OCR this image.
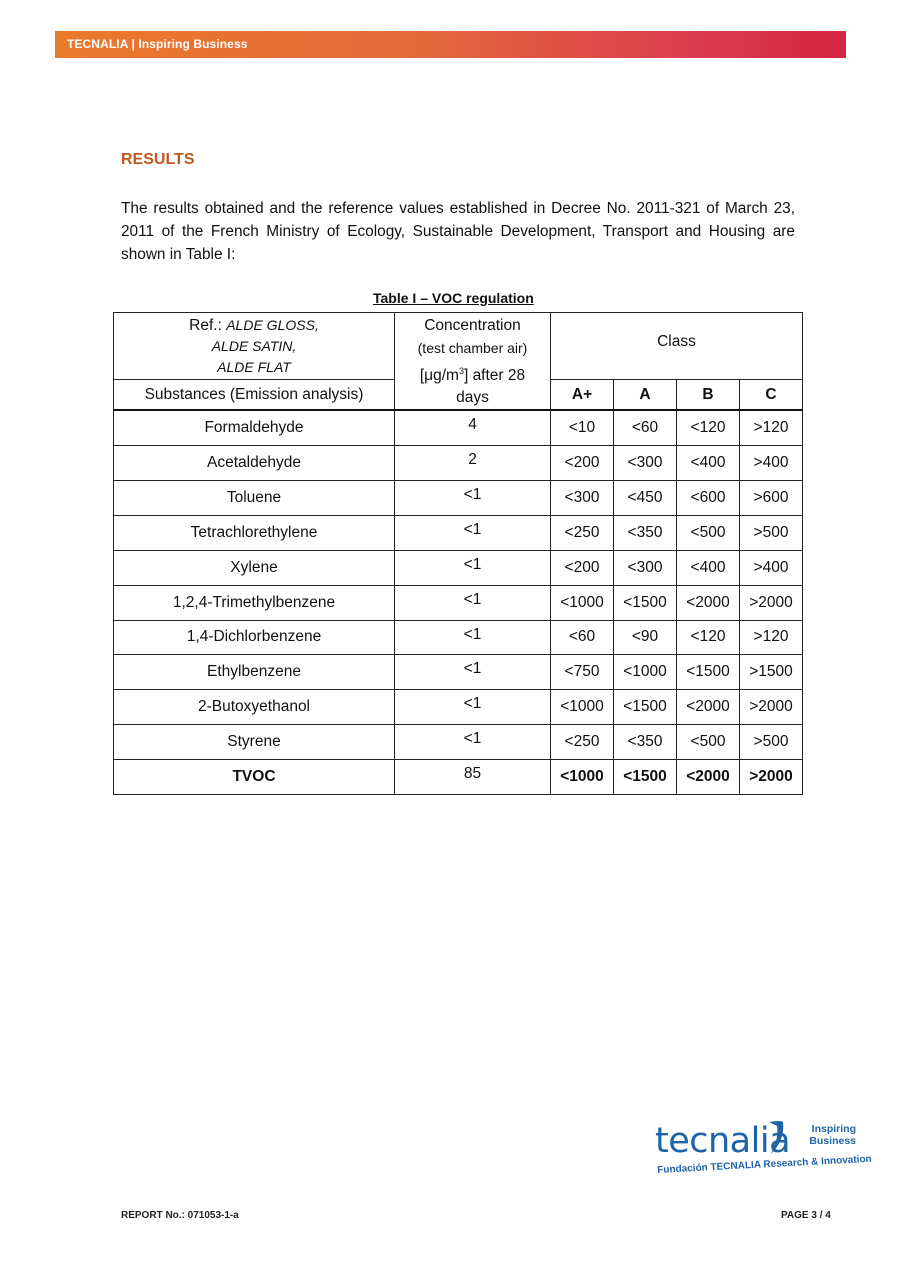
TECNALIA | Inspiring Business
RESULTS

The results obtained and the reference values established in Decree No. 2011-321 of March 23, 2011 of the French Ministry of Ecology, Sustainable Development, Transport and Housing are shown in Table I:

Table I – VOC regulation
Ref.: ALDE GLOSS,
ALDE SATIN,
ALDE FLAT	Concentration
(test chamber air)
$[\mu g/m^3]$ after 28
days	Class			
Substances (Emission analysis)		A+	A	B	C
Formaldehyde	4	<10	<60	<120	>120
Acetaldehyde	2	<200	<300	<400	>400
Toluene	<1	<300	<450	<600	>600
Tetrachlorethylene	<1	<250	<350	<500	>500
Xylene	<1	<200	<300	<400	>400
1,2,4-Trimethylbenzene	<1	<1000	<1500	<2000	>2000
1,4-Dichlorbenzene	<1	<60	<90	<120	>120
Ethylbenzene	<1	<750	<1000	<1500	>1500
2-Butoxyethanol	<1	<1000	<1500	<2000	>2000
Styrene	<1	<250	<350	<500	>500
TVOC	85	<1000	<1500	<2000	>2000
tecnalia	Inspiring
Business
Fundación TECNALIA Research & Innovation
REPORT No.: 071053-1-a	PAGE 3 / 4
